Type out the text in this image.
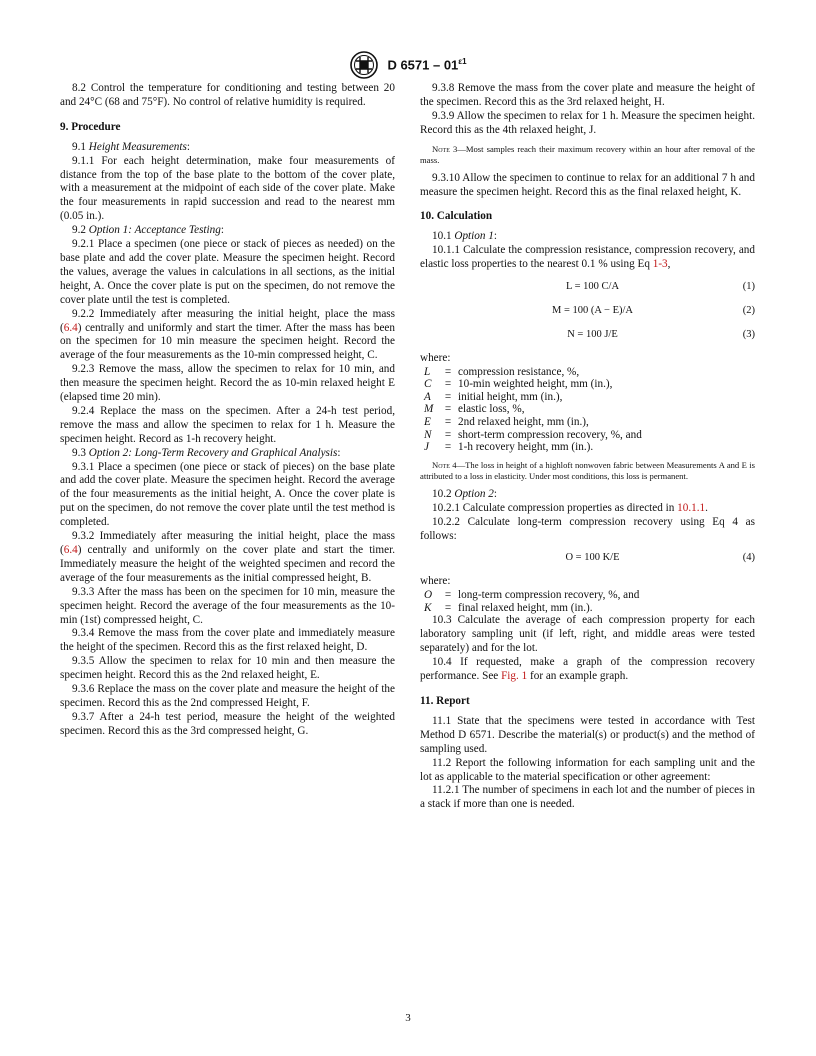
D $6571 - 01^{\varepsilon 1}$

8.2 Control the temperature for conditioning and testing between 20 and 24°C (68 and 75°F). No control of relative humidity is required.

9. Procedure

9.1 Height Measurements:

9.1.1 For each height determination, make four measurements of distance from the top of the base plate to the bottom of the cover plate, with a measurement at the midpoint of each side of the cover plate. Make the four measurements in rapid succession and read to the nearest mm (0.05 in.).

9.2 Option 1: Acceptance Testing:

9.2.1 Place a specimen (one piece or stack of pieces as needed) on the base plate and add the cover plate. Measure the specimen height. Record the values, average the values in calculations in all sections, as the initial height, A. Once the cover plate is put on the specimen, do not remove the cover plate until the test is completed.

9.2.2 Immediately after measuring the initial height, place the mass (6.4) centrally and uniformly and start the timer. After the mass has been on the specimen for 10 min measure the specimen height. Record the average of the four measurements as the 10-min compressed height, C.

9.2.3 Remove the mass, allow the specimen to relax for 10 min, and then measure the specimen height. Record the as 10-min relaxed height E (elapsed time 20 min).

9.2.4 Replace the mass on the specimen. After a 24-h test period, remove the mass and allow the specimen to relax for 1 h. Measure the specimen height. Record as 1-h recovery height.

9.3 Option 2: Long-Term Recovery and Graphical Analysis:

9.3.1 Place a specimen (one piece or stack of pieces) on the base plate and add the cover plate. Measure the specimen height. Record the average of the four measurements as the initial height, A. Once the cover plate is put on the specimen, do not remove the cover plate until the test method is completed.

9.3.2 Immediately after measuring the initial height, place the mass (6.4) centrally and uniformly on the cover plate and start the timer. Immediately measure the height of the weighted specimen and record the average of the four measurements as the initial compressed height, B.

9.3.3 After the mass has been on the specimen for 10 min, measure the specimen height. Record the average of the four measurements as the 10-min (1st) compressed height, C.

9.3.4 Remove the mass from the cover plate and immediately measure the height of the specimen. Record this as the first relaxed height, D.

9.3.5 Allow the specimen to relax for 10 min and then measure the specimen height. Record this as the 2nd relaxed height, E.

9.3.6 Replace the mass on the cover plate and measure the height of the specimen. Record this as the 2nd compressed Height, F.

9.3.7 After a 24-h test period, measure the height of the weighted specimen. Record this as the 3rd compressed height, G.

9.3.8 Remove the mass from the cover plate and measure the height of the specimen. Record this as the 3rd relaxed height, H.

9.3.9 Allow the specimen to relax for 1 h. Measure the specimen height. Record this as the 4th relaxed height, J.

Note 3—Most samples reach their maximum recovery within an hour after removal of the mass.

9.3.10 Allow the specimen to continue to relax for an additional 7 h and measure the specimen height. Record this as the final relaxed height, K.

10. Calculation

10.1 Option 1:

10.1.1 Calculate the compression resistance, compression recovery, and elastic loss properties to the nearest 0.1 % using Eq 1-3,

L = 100 C/A	(1)
M = 100 (A − E)/A	(2)
N = 100 J/E	(3)

where:

L	= compression resistance, %,
C	= 10-min weighted height, mm (in.),
A	= initial height, mm (in.),
M	= elastic loss, %,
E	= 2nd relaxed height, mm (in.),
N	= short-term compression recovery, %, and
J	= 1-h recovery height, mm (in.).
Note 4—The loss in height of a highloft nonwoven fabric between Measurements A and E is attributed to a loss in elasticity. Under most conditions, this loss is permanent.

10.2 Option 2:

10.2.1 Calculate compression properties as directed in 10.1.1.

10.2.2 Calculate long-term compression recovery using Eq 4 as follows:

O = 100 K/E	(4)

where:

O	= long-term compression recovery, %, and
K	= final relaxed height, mm (in.).

10.3 Calculate the average of each compression property for each laboratory sampling unit (if left, right, and middle areas were tested separately) and for the lot.

10.4 If requested, make a graph of the compression recovery performance. See Fig. 1 for an example graph.

11. Report

11.1 State that the specimens were tested in accordance with Test Method D 6571. Describe the material(s) or product(s) and the method of sampling used.

11.2 Report the following information for each sampling unit and the lot as applicable to the material specification or other agreement:

11.2.1 The number of specimens in each lot and the number of pieces in a stack if more than one is needed.

3
